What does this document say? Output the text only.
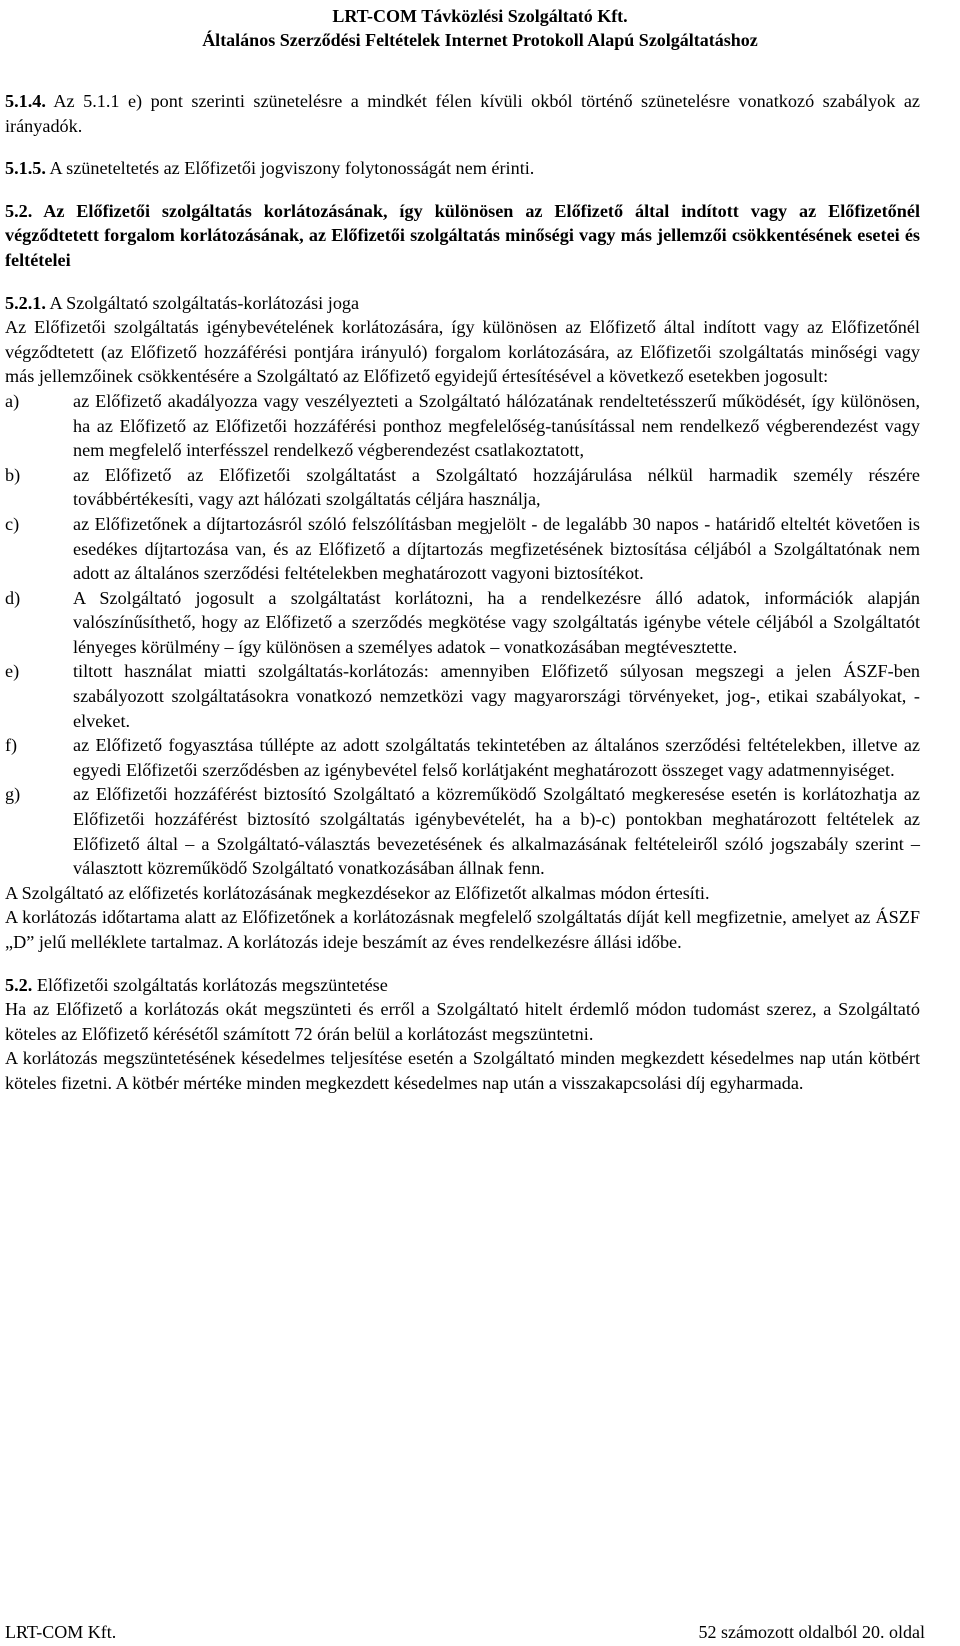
LRT-COM Távközlési Szolgáltató Kft.
Általános Szerződési Feltételek Internet Protokoll Alapú Szolgáltatáshoz

5.1.4. Az 5.1.1 e) pont szerinti szünetelésre a mindkét félen kívüli okból történő szünetelésre vonatkozó szabályok az irányadók.

5.1.5. A szüneteltetés az Előfizetői jogviszony folytonosságát nem érinti.

5.2. Az Előfizetői szolgáltatás korlátozásának, így különösen az Előfizető által indított vagy az Előfizetőnél végződtetett forgalom korlátozásának, az Előfizetői szolgáltatás minőségi vagy más jellemzői csökkentésének esetei és feltételei

5.2.1. A Szolgáltató szolgáltatás-korlátozási joga

Az Előfizetői szolgáltatás igénybevételének korlátozására, így különösen az Előfizető által indított vagy az Előfizetőnél végződtetett (az Előfizető hozzáférési pontjára irányuló) forgalom korlátozására, az Előfizetői szolgáltatás minőségi vagy más jellemzőinek csökkentésére a Szolgáltató az Előfizető egyidejű értesítésével a következő esetekben jogosult:

a)	az Előfizető akadályozza vagy veszélyezteti a Szolgáltató hálózatának rendeltetésszerű működését, így különösen, ha az Előfizető az Előfizetői hozzáférési ponthoz megfelelőség-tanúsítással nem rendelkező végberendezést vagy nem megfelelő interfésszel rendelkező végberendezést csatlakoztatott,
b)	az Előfizető az Előfizetői szolgáltatást a Szolgáltató hozzájárulása nélkül harmadik személy részére továbbértékesíti, vagy azt hálózati szolgáltatás céljára használja,
c)	az Előfizetőnek a díjtartozásról szóló felszólításban megjelölt - de legalább 30 napos - határidő elteltét követően is esedékes díjtartozása van, és az Előfizető a díjtartozás megfizetésének biztosítása céljából a Szolgáltatónak nem adott az általános szerződési feltételekben meghatározott vagyoni biztosítékot.
d)	A Szolgáltató jogosult a szolgáltatást korlátozni, ha a rendelkezésre álló adatok, információk alapján valószínűsíthető, hogy az Előfizető a szerződés megkötése vagy szolgáltatás igénybe vétele céljából a Szolgáltatót lényeges körülmény – így különösen a személyes adatok – vonatkozásában megtévesztette.
e)	tiltott használat miatti szolgáltatás-korlátozás: amennyiben Előfizető súlyosan megszegi a jelen ÁSZF-ben szabályozott szolgáltatásokra vonatkozó nemzetközi vagy magyarországi törvényeket, jog-, etikai szabályokat, -elveket.
f)	az Előfizető fogyasztása túllépte az adott szolgáltatás tekintetében az általános szerződési feltételekben, illetve az egyedi Előfizetői szerződésben az igénybevétel felső korlátjaként meghatározott összeget vagy adatmennyiséget.
g)	az Előfizetői hozzáférést biztosító Szolgáltató a közreműködő Szolgáltató megkeresése esetén is korlátozhatja az Előfizetői hozzáférést biztosító szolgáltatás igénybevételét, ha a b)-c) pontokban meghatározott feltételek az Előfizető által – a Szolgáltató-választás bevezetésének és alkalmazásának feltételeiről szóló jogszabály szerint – választott közreműködő Szolgáltató vonatkozásában állnak fenn.

A Szolgáltató az előfizetés korlátozásának megkezdésekor az Előfizetőt alkalmas módon értesíti.

A korlátozás időtartama alatt az Előfizetőnek a korlátozásnak megfelelő szolgáltatás díját kell megfizetnie, amelyet az ÁSZF „D” jelű melléklete tartalmaz. A korlátozás ideje beszámít az éves rendelkezésre állási időbe.

5.2. Előfizetői szolgáltatás korlátozás megszüntetése

Ha az Előfizető a korlátozás okát megszünteti és erről a Szolgáltató hitelt érdemlő módon tudomást szerez, a Szolgáltató köteles az Előfizető kérésétől számított 72 órán belül a korlátozást megszüntetni.

A korlátozás megszüntetésének késedelmes teljesítése esetén a Szolgáltató minden megkezdett késedelmes nap után kötbért köteles fizetni. A kötbér mértéke minden megkezdett késedelmes nap után a visszakapcsolási díj egyharmada.

LRT-COM Kft.	52 számozott oldalból 20. oldal
